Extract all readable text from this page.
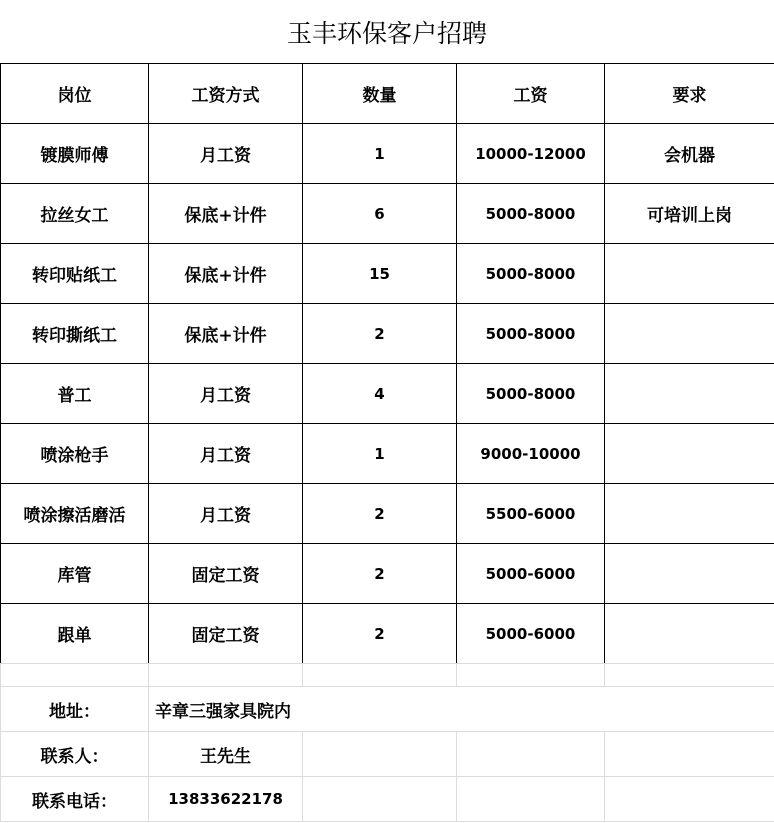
玉丰环保客户招聘
岗位	工资方式	数量	工资	要求
镀膜师傅	月工资	1	10000-12000	会机器
拉丝女工	保底+计件	6	5000-8000	可培训上岗
转印贴纸工	保底+计件	15	5000-8000	
转印撕纸工	保底+计件	2	5000-8000	
普工	月工资	4	5000-8000	
喷涂枪手	月工资	1	9000-10000	
喷涂擦活磨活	月工资	2	5500-6000	
库管	固定工资	2	5000-6000	
跟单	固定工资	2	5000-6000	

地址：	辛章三强家具院内			
联系人：	王先生			
联系电话：	13833622178			
